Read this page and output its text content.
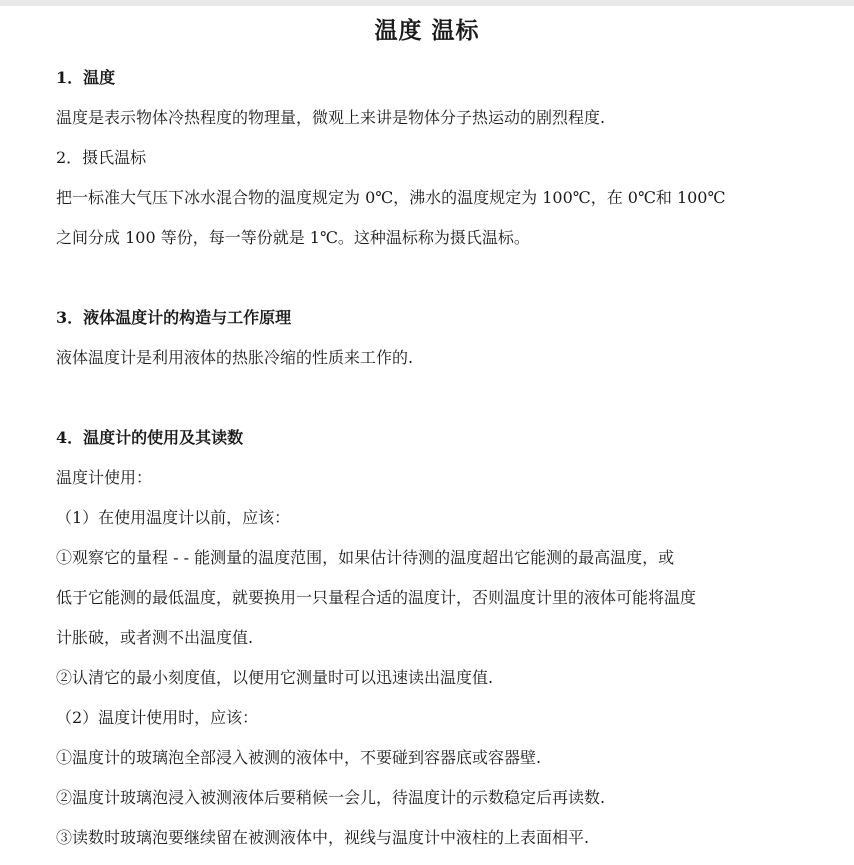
温度 温标
1．温度
温度是表示物体冷热程度的物理量，微观上来讲是物体分子热运动的剧烈程度.
2．摄氏温标
把一标准大气压下冰水混合物的温度规定为 0℃，沸水的温度规定为 100℃，在 0℃和 100℃
之间分成 100 等份，每一等份就是 1℃。这种温标称为摄氏温标。
3．液体温度计的构造与工作原理
液体温度计是利用液体的热胀冷缩的性质来工作的.
4．温度计的使用及其读数
温度计使用：
（1）在使用温度计以前，应该：
①观察它的量程 - - 能测量的温度范围，如果估计待测的温度超出它能测的最高温度，或
低于它能测的最低温度，就要换用一只量程合适的温度计，否则温度计里的液体可能将温度
计胀破，或者测不出温度值.
②认清它的最小刻度值，以便用它测量时可以迅速读出温度值.
（2）温度计使用时，应该：
①温度计的玻璃泡全部浸入被测的液体中，不要碰到容器底或容器壁.
②温度计玻璃泡浸入被测液体后要稍候一会儿，待温度计的示数稳定后再读数.
③读数时玻璃泡要继续留在被测液体中，视线与温度计中液柱的上表面相平.
